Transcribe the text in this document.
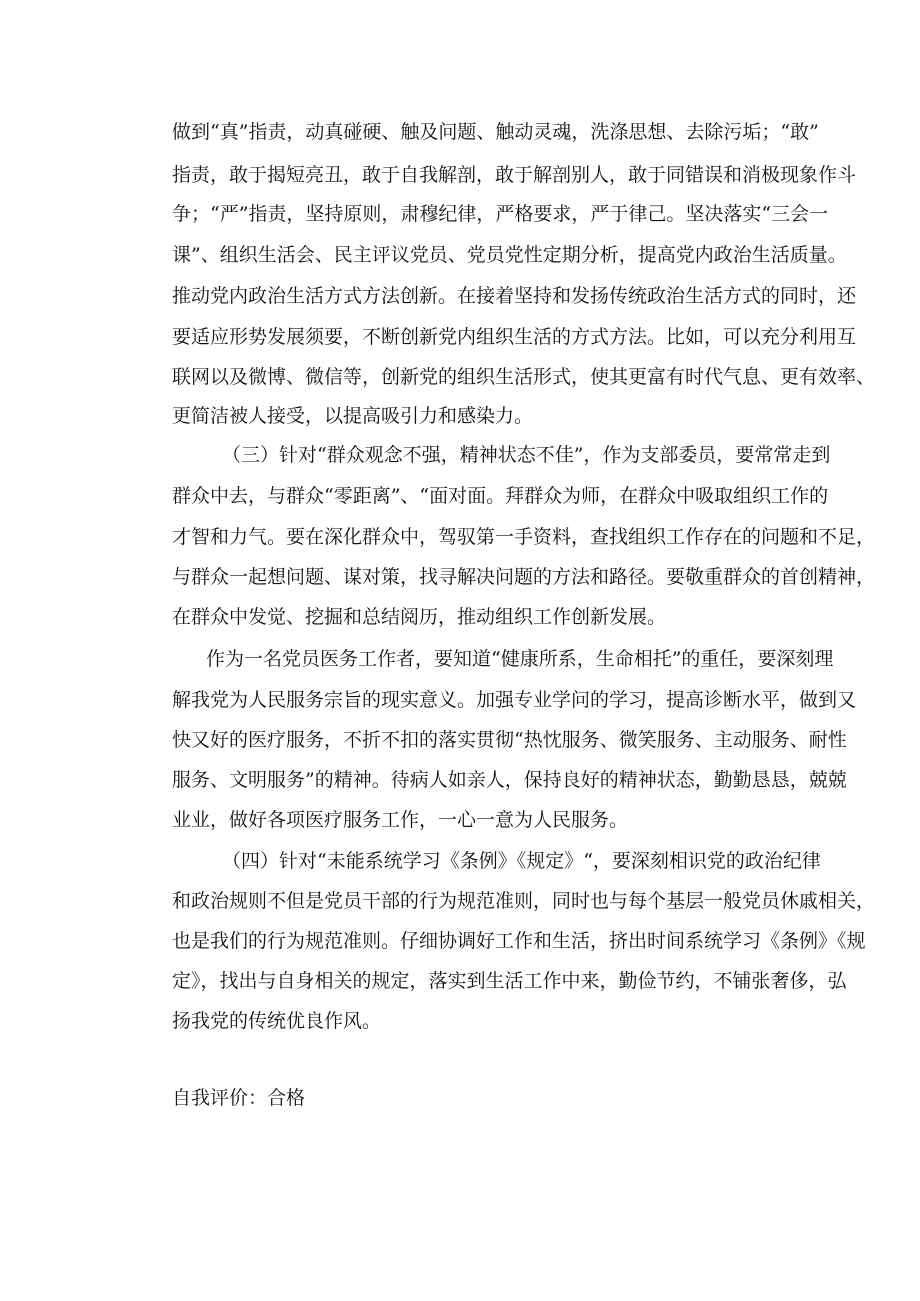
做到“真”指责，动真碰硬、触及问题、触动灵魂，洗涤思想、去除污垢；“敢”
指责，敢于揭短亮丑，敢于自我解剖，敢于解剖别人，敢于同错误和消极现象作斗
争；“严”指责，坚持原则，肃穆纪律，严格要求，严于律己。坚决落实“三会一
课”、组织生活会、民主评议党员、党员党性定期分析，提高党内政治生活质量。
推动党内政治生活方式方法创新。在接着坚持和发扬传统政治生活方式的同时，还
要适应形势发展须要，不断创新党内组织生活的方式方法。比如，可以充分利用互
联网以及微博、微信等，创新党的组织生活形式，使其更富有时代气息、更有效率、
更简洁被人接受，以提高吸引力和感染力。
（三）针对“群众观念不强，精神状态不佳”，作为支部委员，要常常走到
群众中去，与群众“零距离”、“面对面。拜群众为师，在群众中吸取组织工作的
才智和力气。要在深化群众中，驾驭第一手资料，查找组织工作存在的问题和不足，
与群众一起想问题、谋对策，找寻解决问题的方法和路径。要敬重群众的首创精神，
在群众中发觉、挖掘和总结阅历，推动组织工作创新发展。
作为一名党员医务工作者，要知道“健康所系，生命相托”的重任，要深刻理
解我党为人民服务宗旨的现实意义。加强专业学问的学习，提高诊断水平，做到又
快又好的医疗服务，不折不扣的落实贯彻“热忱服务、微笑服务、主动服务、耐性
服务、文明服务”的精神。待病人如亲人，保持良好的精神状态，勤勤恳恳，兢兢
业业，做好各项医疗服务工作，一心一意为人民服务。
（四）针对“未能系统学习《条例》《规定》“，要深刻相识党的政治纪律
和政治规则不但是党员干部的行为规范准则，同时也与每个基层一般党员休戚相关，
也是我们的行为规范准则。仔细协调好工作和生活，挤出时间系统学习《条例》《规
定》，找出与自身相关的规定，落实到生活工作中来，勤俭节约，不铺张奢侈，弘
扬我党的传统优良作风。
自我评价：合格
